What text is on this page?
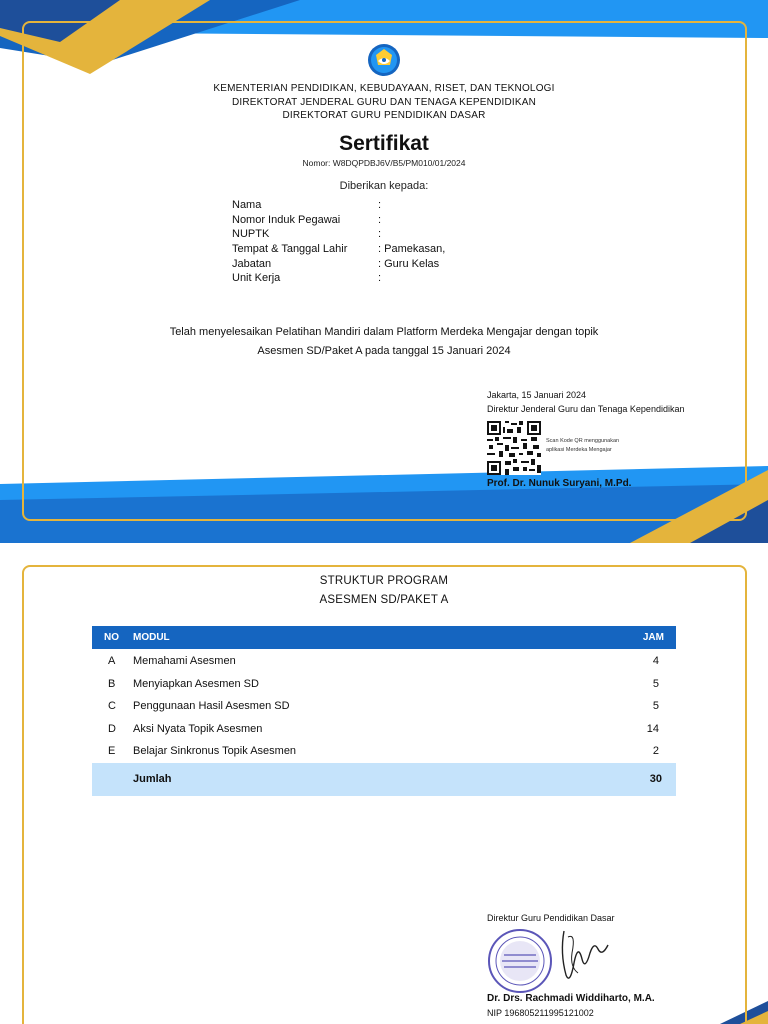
KEMENTERIAN PENDIDIKAN, KEBUDAYAAN, RISET, DAN TEKNOLOGI
DIREKTORAT JENDERAL GURU DAN TENAGA KEPENDIDIKAN
DIREKTORAT GURU PENDIDIKAN DASAR
Sertifikat
Nomor: W8DQPDBJ6V/B5/PM010/01/2024
Diberikan kepada:
Nama	:
Nomor Induk Pegawai	:
NUPTK	:
Tempat & Tanggal Lahir	: Pamekasan,
Jabatan	: Guru Kelas
Unit Kerja	:
Telah menyelesaikan Pelatihan Mandiri dalam Platform Merdeka Mengajar dengan topik
Asesmen SD/Paket A pada tanggal 15 Januari 2024
Jakarta, 15 Januari 2024
Direktur Jenderal Guru dan Tenaga Kependidikan
Scan Kode QR menggunakan
aplikasi Merdeka Mengajar
Prof. Dr. Nunuk Suryani, M.Pd.
STRUKTUR PROGRAM
ASESMEN SD/PAKET A
NO MODUL	JAM
A Memahami Asesmen	4
B Menyiapkan Asesmen SD	5
C Penggunaan Hasil Asesmen SD	5
D Aksi Nyata Topik Asesmen	14
E Belajar Sinkronus Topik Asesmen	2
Jumlah	30
Direktur Guru Pendidikan Dasar
Dr. Drs. Rachmadi Widdiharto, M.A.
NIP 196805211995121002
